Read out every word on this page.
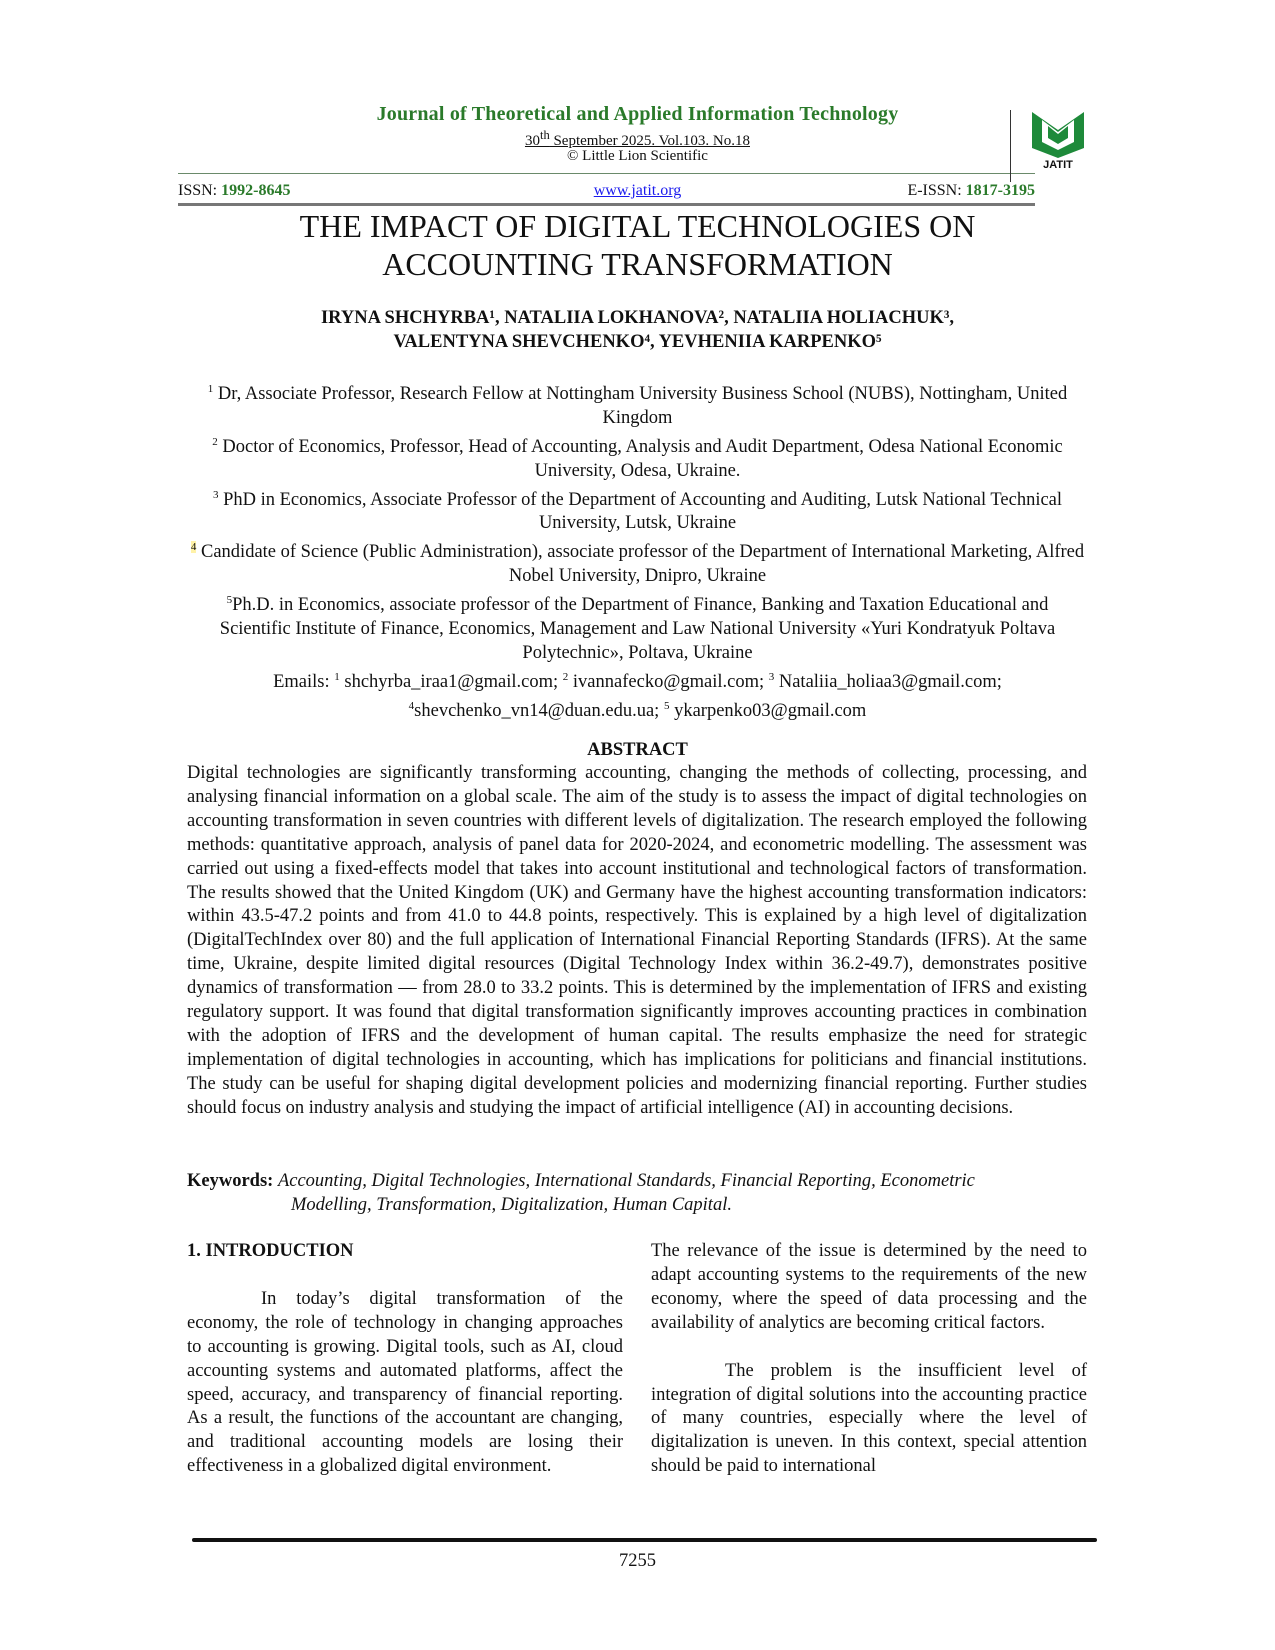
Journal of Theoretical and Applied Information Technology
30th September 2025. Vol.103. No.18
© Little Lion Scientific
JATIT
ISSN: 1992-8645	www.jatit.org	E-ISSN: 1817-3195
THE IMPACT OF DIGITAL TECHNOLOGIES ON
ACCOUNTING TRANSFORMATION
IRYNA SHCHYRBA¹, NATALIIA LOKHANOVA², NATALIIA HOLIACHUK³,
VALENTYNA SHEVCHENKO⁴, YEVHENIIA KARPENKO⁵
$^1$ Dr, Associate Professor, Research Fellow at Nottingham University Business School (NUBS), Nottingham, United Kingdom
$^2$ Doctor of Economics, Professor, Head of Accounting, Analysis and Audit Department, Odesa National Economic University, Odesa, Ukraine.
$^3$ PhD in Economics, Associate Professor of the Department of Accounting and Auditing, Lutsk National Technical University, Lutsk, Ukraine
$^4$ Candidate of Science (Public Administration), associate professor of the Department of International Marketing, Alfred Nobel University, Dnipro, Ukraine
$^5$Ph.D. in Economics, associate professor of the Department of Finance, Banking and Taxation Educational and Scientific Institute of Finance, Economics, Management and Law National University «Yuri Kondratyuk Poltava Polytechnic», Poltava, Ukraine
Emails: $^1$ shchyrba_iraa1@gmail.com; $^2$ ivannafecko@gmail.com; $^3$ Nataliia_holiaa3@gmail.com;
$^4$shevchenko_vn14@duan.edu.ua; $^5$ ykarpenko03@gmail.com
ABSTRACT
Digital technologies are significantly transforming accounting, changing the methods of collecting, processing, and analysing financial information on a global scale. The aim of the study is to assess the impact of digital technologies on accounting transformation in seven countries with different levels of digitalization. The research employed the following methods: quantitative approach, analysis of panel data for 2020-2024, and econometric modelling. The assessment was carried out using a fixed-effects model that takes into account institutional and technological factors of transformation. The results showed that the United Kingdom (UK) and Germany have the highest accounting transformation indicators: within 43.5-47.2 points and from 41.0 to 44.8 points, respectively. This is explained by a high level of digitalization (DigitalTechIndex over 80) and the full application of International Financial Reporting Standards (IFRS). At the same time, Ukraine, despite limited digital resources (Digital Technology Index within 36.2-49.7), demonstrates positive dynamics of transformation — from 28.0 to 33.2 points. This is determined by the implementation of IFRS and existing regulatory support. It was found that digital transformation significantly improves accounting practices in combination with the adoption of IFRS and the development of human capital. The results emphasize the need for strategic implementation of digital technologies in accounting, which has implications for politicians and financial institutions. The study can be useful for shaping digital development policies and modernizing financial reporting. Further studies should focus on industry analysis and studying the impact of artificial intelligence (AI) in accounting decisions.
Keywords: Accounting, Digital Technologies, International Standards, Financial Reporting, Econometric
Modelling, Transformation, Digitalization, Human Capital.

1. INTRODUCTION

In today’s digital transformation of the economy, the role of technology in changing approaches to accounting is growing. Digital tools, such as AI, cloud accounting systems and automated platforms, affect the speed, accuracy, and transparency of financial reporting. As a result, the functions of the accountant are changing, and traditional accounting models are losing their effectiveness in a globalized digital environment.

The relevance of the issue is determined by the need to adapt accounting systems to the requirements of the new economy, where the speed of data processing and the availability of analytics are becoming critical factors.

The problem is the insufficient level of integration of digital solutions into the accounting practice of many countries, especially where the level of digitalization is uneven. In this context, special attention should be paid to international

7255
